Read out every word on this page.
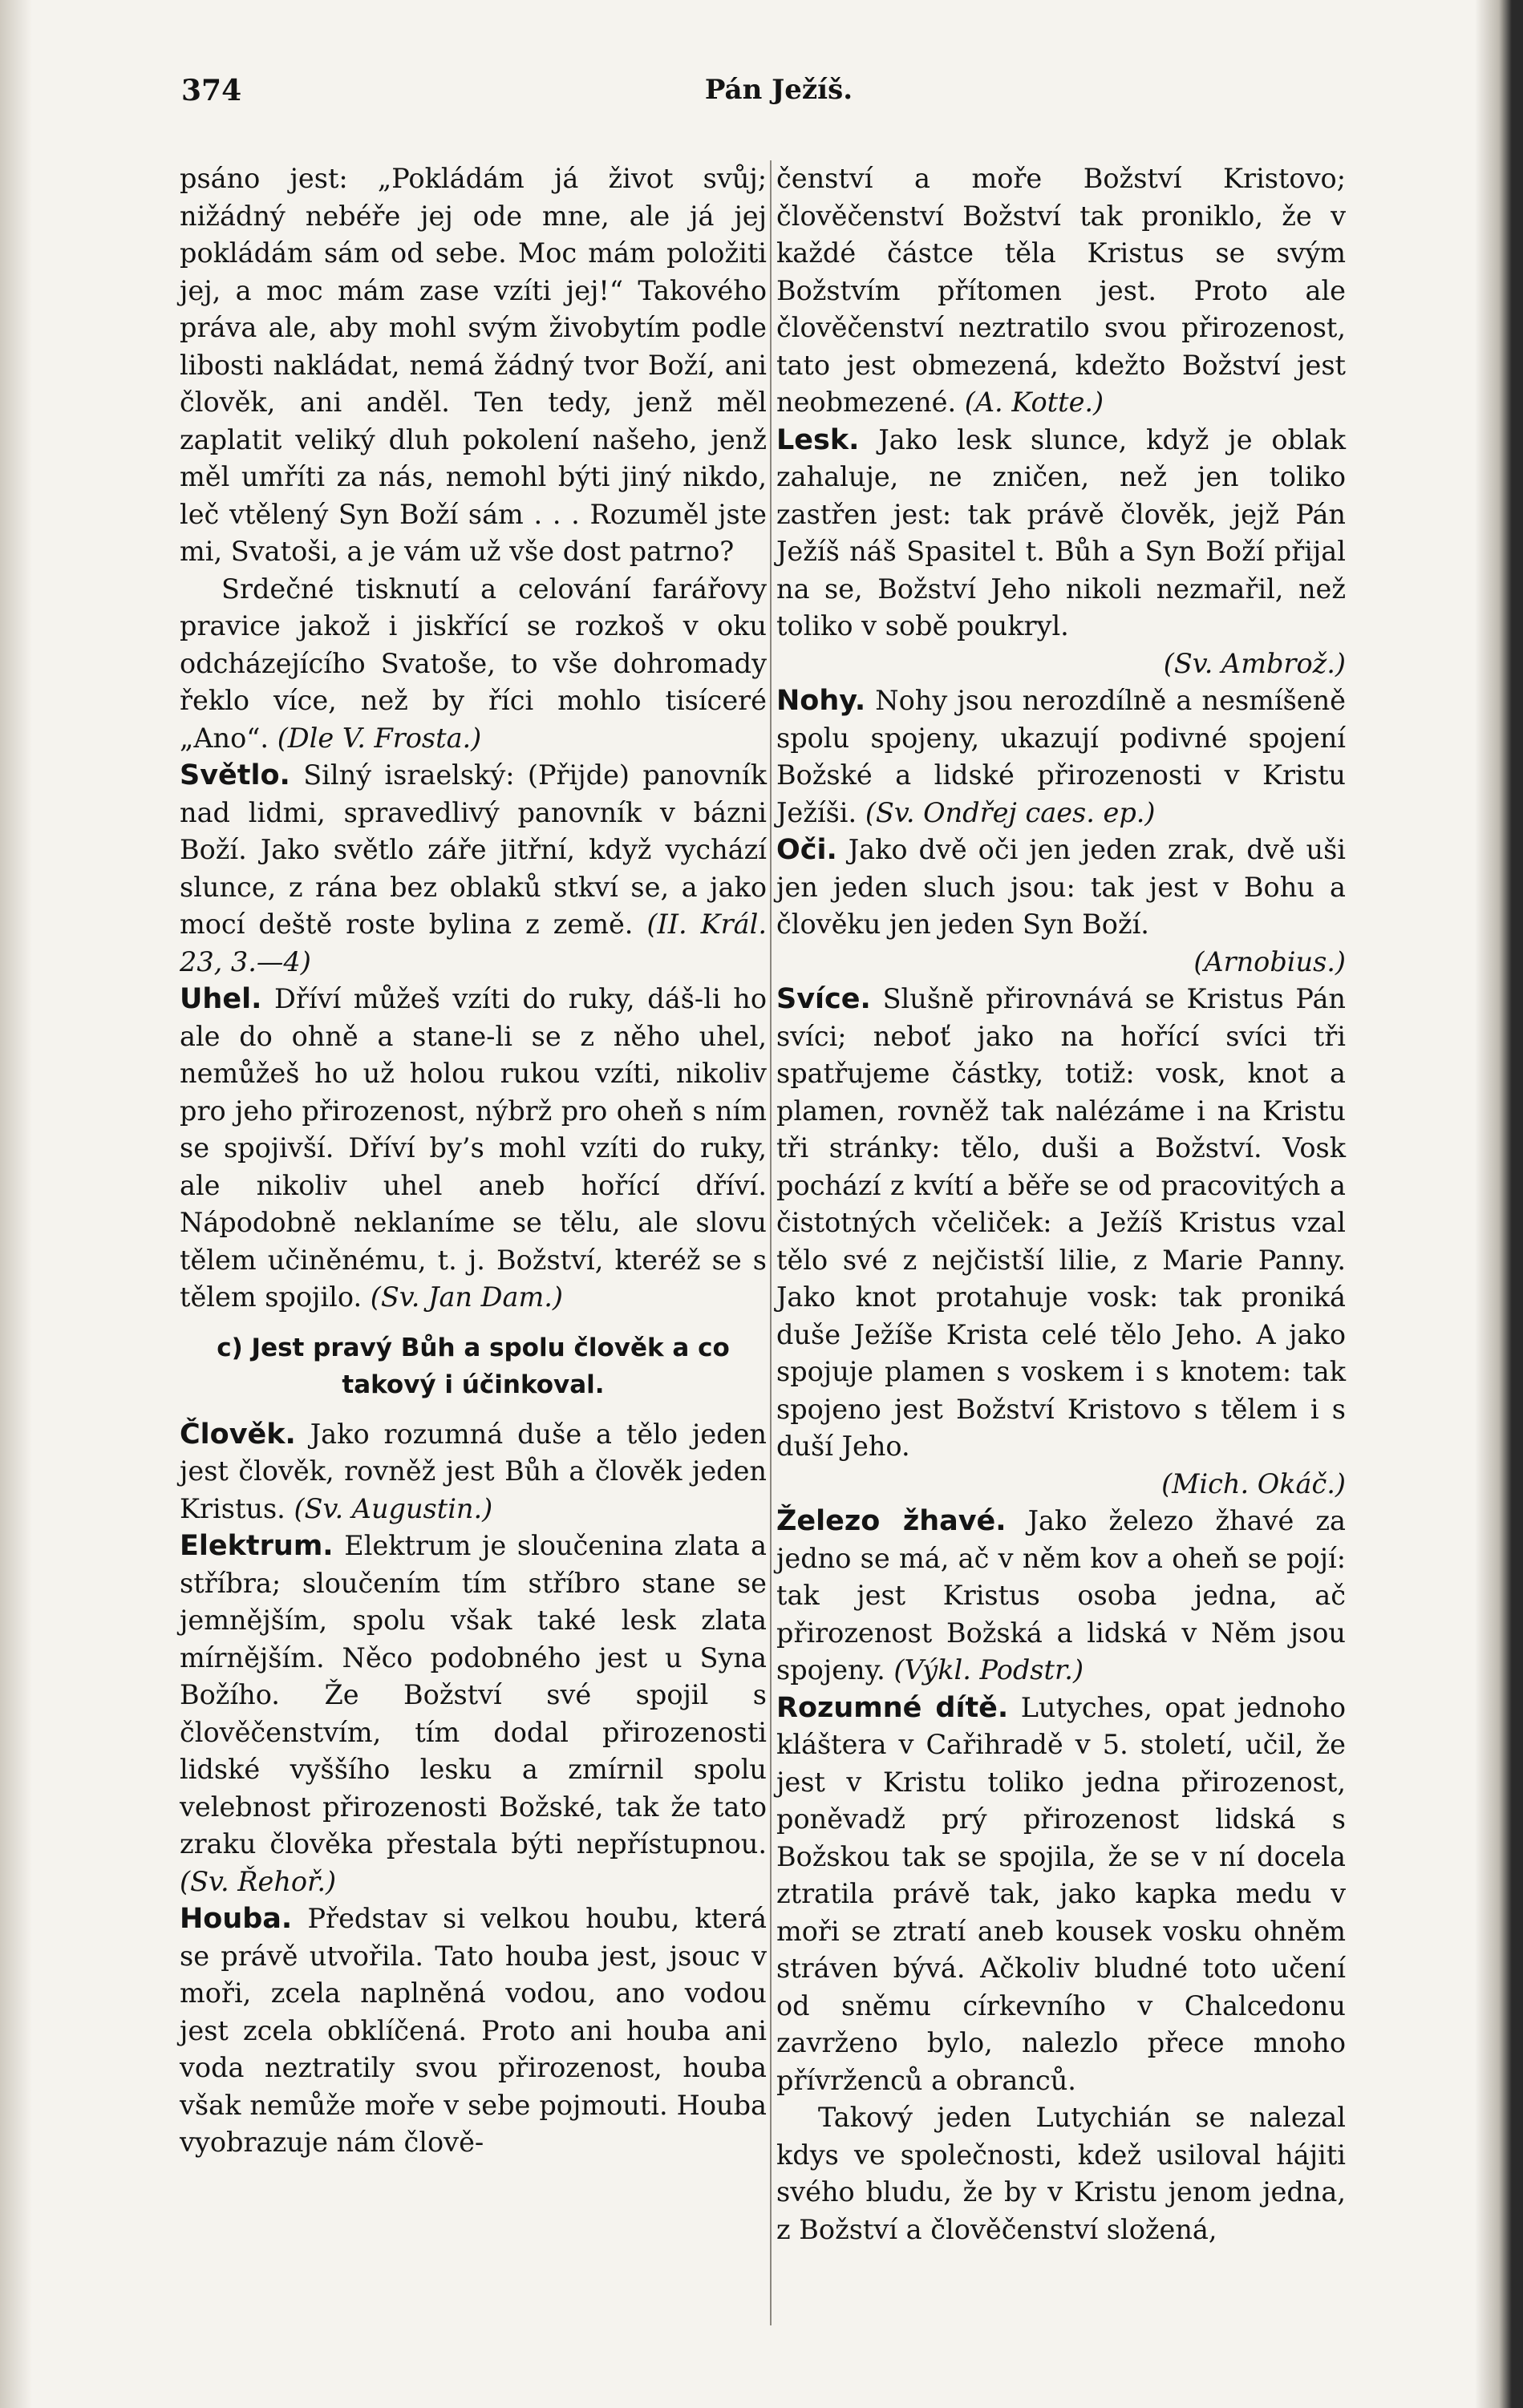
374	Pán Ježíš.

psáno jest: „Pokládám já život svůj; nižádný nebéře jej ode mne, ale já jej pokládám sám od sebe. Moc mám položiti jej, a moc mám zase vzíti jej!“ Takového práva ale, aby mohl svým živobytím podle libosti nakládat, nemá žádný tvor Boží, ani člověk, ani anděl. Ten tedy, jenž měl zaplatit veliký dluh pokolení našeho, jenž měl umříti za nás, nemohl býti jiný nikdo, leč vtělený Syn Boží sám . . . Rozuměl jste mi, Svatoši, a je vám už vše dost patrno?

Srdečné tisknutí a celování farářovy pravice jakož i jiskřící se rozkoš v oku odcházejícího Svatoše, to vše dohromady řeklo více, než by říci mohlo tisíceré „Ano“. (Dle V. Frosta.)

Světlo. Silný israelský: (Přijde) panovník nad lidmi, spravedlivý panovník v bázni Boží. Jako světlo záře jitřní, když vychází slunce, z rána bez oblaků stkví se, a jako mocí deště roste bylina z země. (II. Král. 23, 3.—4)

Uhel. Dříví můžeš vzíti do ruky, dáš-li ho ale do ohně a stane-li se z něho uhel, nemůžeš ho už holou rukou vzíti, nikoliv pro jeho přirozenost, nýbrž pro oheň s ním se spojivší. Dříví by’s mohl vzíti do ruky, ale nikoliv uhel aneb hořící dříví. Nápodobně neklaníme se tělu, ale slovu tělem učiněnému, t. j. Božství, kteréž se s tělem spojilo. (Sv. Jan Dam.)

c) Jest pravý Bůh a spolu člověk a co takový i účinkoval.

Člověk. Jako rozumná duše a tělo jeden jest člověk, rovněž jest Bůh a člověk jeden Kristus. (Sv. Augustin.)

Elektrum. Elektrum je sloučenina zlata a stříbra; sloučením tím stříbro stane se jemnějším, spolu však také lesk zlata mírnějším. Něco podobného jest u Syna Božího. Že Božství své spojil s člověčenstvím, tím dodal přirozenosti lidské vyššího lesku a zmírnil spolu velebnost přirozenosti Božské, tak že tato zraku člověka přestala býti nepřístupnou. (Sv. Řehoř.)

Houba. Představ si velkou houbu, která se právě utvořila. Tato houba jest, jsouc v moři, zcela naplněná vodou, ano vodou jest zcela obklíčená. Proto ani houba ani voda neztratily svou přirozenost, houba však nemůže moře v sebe pojmouti. Houba vyobrazuje nám člově-

čenství a moře Božství Kristovo; člověčenství Božství tak proniklo, že v každé částce těla Kristus se svým Božstvím přítomen jest. Proto ale člověčenství neztratilo svou přirozenost, tato jest obmezená, kdežto Božství jest neobmezené. (A. Kotte.)

Lesk. Jako lesk slunce, když je oblak zahaluje, ne zničen, než jen toliko zastřen jest: tak právě člověk, jejž Pán Ježíš náš Spasitel t. Bůh a Syn Boží přijal na se, Božství Jeho nikoli nezmařil, než toliko v sobě poukryl.
(Sv. Ambrož.)

Nohy. Nohy jsou nerozdílně a nesmíšeně spolu spojeny, ukazují podivné spojení Božské a lidské přirozenosti v Kristu Ježíši. (Sv. Ondřej caes. ep.)

Oči. Jako dvě oči jen jeden zrak, dvě uši jen jeden sluch jsou: tak jest v Bohu a člověku jen jeden Syn Boží.
(Arnobius.)

Svíce. Slušně přirovnává se Kristus Pán svíci; neboť jako na hořící svíci tři spatřujeme částky, totiž: vosk, knot a plamen, rovněž tak nalézáme i na Kristu tři stránky: tělo, duši a Božství. Vosk pochází z kvítí a běře se od pracovitých a čistotných včeliček: a Ježíš Kristus vzal tělo své z nejčistší lilie, z Marie Panny. Jako knot protahuje vosk: tak proniká duše Ježíše Krista celé tělo Jeho. A jako spojuje plamen s voskem i s knotem: tak spojeno jest Božství Kristovo s tělem i s duší Jeho.
(Mich. Okáč.)

Železo žhavé. Jako železo žhavé za jedno se má, ač v něm kov a oheň se pojí: tak jest Kristus osoba jedna, ač přirozenost Božská a lidská v Něm jsou spojeny. (Výkl. Podstr.)

Rozumné dítě. Lutyches, opat jednoho kláštera v Cařihradě v 5. století, učil, že jest v Kristu toliko jedna přirozenost, poněvadž prý přirozenost lidská s Božskou tak se spojila, že se v ní docela ztratila právě tak, jako kapka medu v moři se ztratí aneb kousek vosku ohněm stráven bývá. Ačkoliv bludné toto učení od sněmu církevního v Chalcedonu zavrženo bylo, nalezlo přece mnoho přívrženců a obranců.

Takový jeden Lutychián se nalezal kdys ve společnosti, kdež usiloval hájiti svého bludu, že by v Kristu jenom jedna, z Božství a člověčenství složená,
